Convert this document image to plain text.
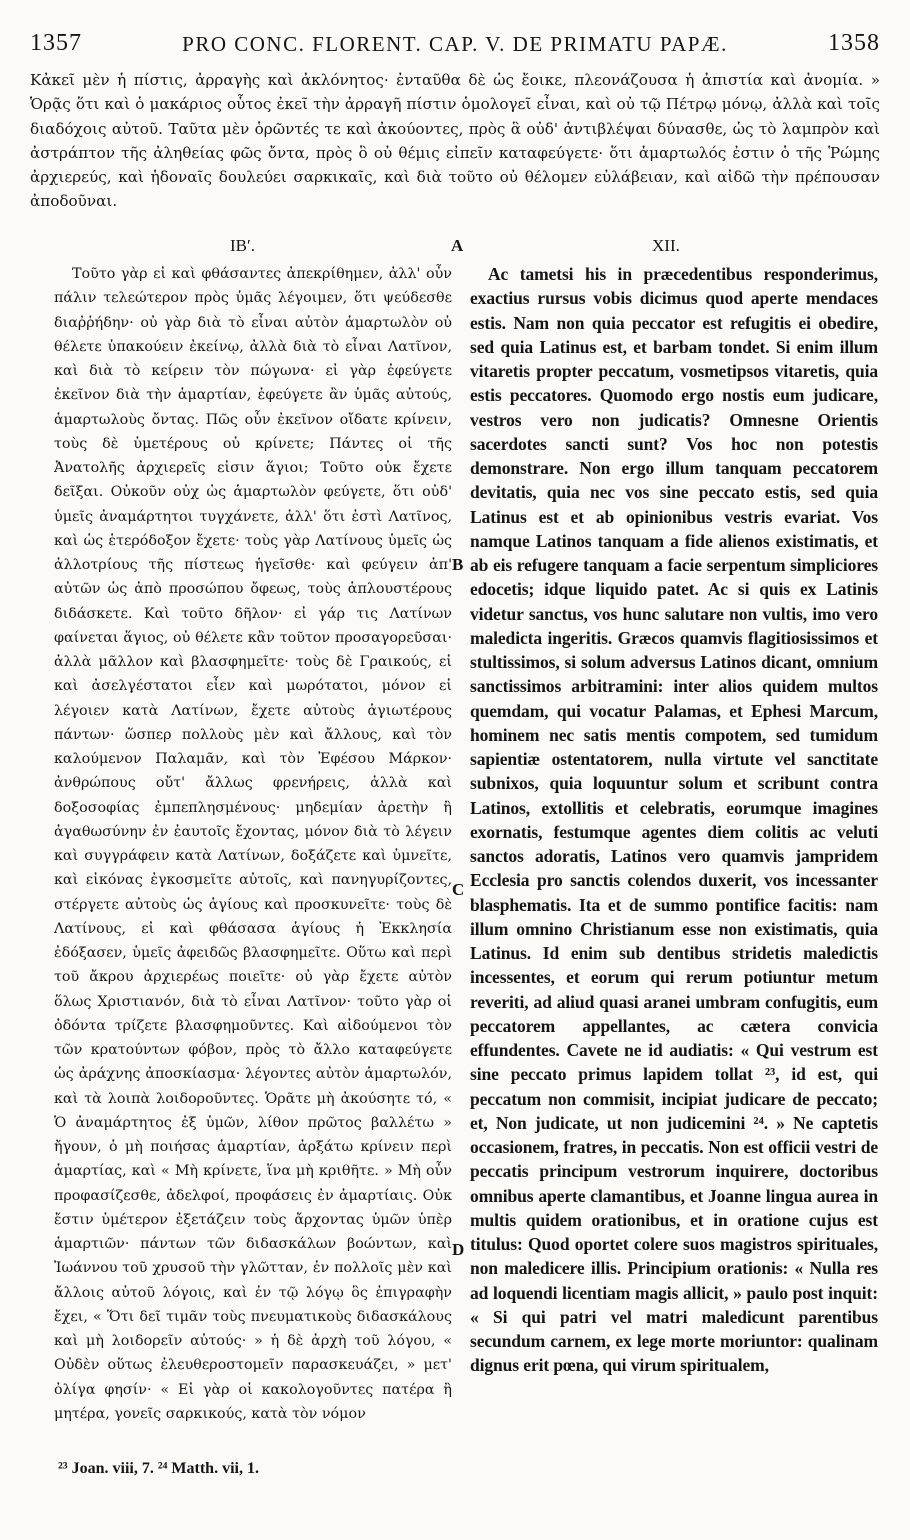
1357	PRO CONC. FLORENT. CAP. V. DE PRIMATU PAPÆ.	1358
Κἀκεῖ μὲν ἡ πίστις, ἀρραγὴς καὶ ἀκλόνητος· ἐνταῦθα δὲ ὡς ἔοικε, πλεονάζουσα ἡ ἀπιστία καὶ ἀνομία. » Ὁρᾷς ὅτι καὶ ὁ μακάριος οὗτος ἐκεῖ τὴν ἀρραγῆ πίστιν ὁμολογεῖ εἶναι, καὶ οὐ τῷ Πέτρῳ μόνῳ, ἀλλὰ καὶ τοῖς διαδόχοις αὐτοῦ. Ταῦτα μὲν ὁρῶντές τε καὶ ἀκούοντες, πρὸς ἃ οὐδ' ἀντιβλέψαι δύνασθε, ὡς τὸ λαμπρὸν καὶ ἀστράπτον τῆς ἀληθείας φῶς ὄντα, πρὸς ὃ οὐ θέμις εἰπεῖν καταφεύγετε· ὅτι ἁμαρτωλός ἐστιν ὁ τῆς Ῥώμης ἀρχιερεύς, καὶ ἡδοναῖς δουλεύει σαρκικαῖς, καὶ διὰ τοῦτο οὐ θέλομεν εὐλάβειαν, καὶ αἰδῶ τὴν πρέπουσαν ἀποδοῦναι.
ΙΒʹ.	A	XII.

Τοῦτο γὰρ εἰ καὶ φθάσαντες ἀπεκρίθημεν, ἀλλ' οὖν πάλιν τελεώτερον πρὸς ὑμᾶς λέγοιμεν, ὅτι ψεύδεσθε διαῤῥήδην· οὐ γὰρ διὰ τὸ εἶναι αὐτὸν ἁμαρτωλὸν οὐ θέλετε ὑπακούειν ἐκείνῳ, ἀλλὰ διὰ τὸ εἶναι Λατῖνον, καὶ διὰ τὸ κείρειν τὸν πώγωνα· εἰ γὰρ ἐφεύγετε ἐκεῖνον διὰ τὴν ἁμαρτίαν, ἐφεύγετε ἂν ὑμᾶς αὐτούς, ἁμαρτωλοὺς ὄντας. Πῶς οὖν ἐκεῖνον οἴδατε κρίνειν, τοὺς δὲ ὑμετέρους οὐ κρίνετε; Πάντες οἱ τῆς Ἀνατολῆς ἀρχιερεῖς εἰσιν ἅγιοι; Τοῦτο οὐκ ἔχετε δεῖξαι. Οὐκοῦν οὐχ ὡς ἁμαρτωλὸν φεύγετε, ὅτι οὐδ' ὑμεῖς ἀναμάρτητοι τυγχάνετε, ἀλλ' ὅτι ἐστὶ Λατῖνος, καὶ ὡς ἑτερόδοξον ἔχετε· τοὺς γὰρ Λατίνους ὑμεῖς ὡς ἀλλοτρίους τῆς πίστεως ἡγεῖσθε· καὶ φεύγειν ἀπ' αὐτῶν ὡς ἀπὸ προσώπου ὄφεως, τοὺς ἁπλουστέρους διδάσκετε. Καὶ τοῦτο δῆλον· εἰ γάρ τις Λατίνων φαίνεται ἅγιος, οὐ θέλετε κἂν τοῦτον προσαγορεῦσαι· ἀλλὰ μᾶλλον καὶ βλασφημεῖτε· τοὺς δὲ Γραικούς, εἰ καὶ ἀσελγέστατοι εἶεν καὶ μωρότατοι, μόνον εἰ λέγοιεν κατὰ Λατίνων, ἔχετε αὐτοὺς ἁγιωτέρους πάντων· ὥσπερ πολλοὺς μὲν καὶ ἄλλους, καὶ τὸν καλούμενον Παλαμᾶν, καὶ τὸν Ἐφέσου Μάρκον· ἀνθρώπους οὔτ' ἄλλως φρενήρεις, ἀλλὰ καὶ δοξοσοφίας ἐμπεπλησμένους· μηδεμίαν ἀρετὴν ἢ ἀγαθωσύνην ἐν ἑαυτοῖς ἔχοντας, μόνον διὰ τὸ λέγειν καὶ συγγράφειν κατὰ Λατίνων, δοξάζετε καὶ ὑμνεῖτε, καὶ εἰκόνας ἐγκοσμεῖτε αὐτοῖς, καὶ πανηγυρίζοντες, στέργετε αὐτοὺς ὡς ἁγίους καὶ προσκυνεῖτε· τοὺς δὲ Λατίνους, εἰ καὶ φθάσασα ἁγίους ἡ Ἐκκλησία ἐδόξασεν, ὑμεῖς ἀφειδῶς βλασφημεῖτε. Οὕτω καὶ περὶ τοῦ ἄκρου ἀρχιερέως ποιεῖτε· οὐ γὰρ ἔχετε αὐτὸν ὅλως Χριστιανόν, διὰ τὸ εἶναι Λατῖνον· τοῦτο γὰρ οἱ ὀδόντα τρίζετε βλασφημοῦντες. Καὶ αἰδούμενοι τὸν τῶν κρατούντων φόβον, πρὸς τὸ ἄλλο καταφεύγετε ὡς ἀράχνης ἀποσκίασμα· λέγοντες αὐτὸν ἁμαρτωλόν, καὶ τὰ λοιπὰ λοιδοροῦντες. Ὁρᾶτε μὴ ἀκούσητε τό, « Ὁ ἀναμάρτητος ἐξ ὑμῶν, λίθον πρῶτος βαλλέτω » ἤγουν, ὁ μὴ ποιήσας ἁμαρτίαν, ἀρξάτω κρίνειν περὶ ἁμαρτίας, καὶ « Μὴ κρίνετε, ἵνα μὴ κριθῆτε. » Μὴ οὖν προφασίζεσθε, ἀδελφοί, προφάσεις ἐν ἁμαρτίαις. Οὐκ ἔστιν ὑμέτερον ἐξετάζειν τοὺς ἄρχοντας ὑμῶν ὑπὲρ ἁμαρτιῶν· πάντων τῶν διδασκάλων βοώντων, καὶ Ἰωάννου τοῦ χρυσοῦ τὴν γλῶτταν, ἐν πολλοῖς μὲν καὶ ἄλλοις αὐτοῦ λόγοις, καὶ ἐν τῷ λόγῳ ὃς ἐπιγραφὴν ἔχει, « Ὅτι δεῖ τιμᾶν τοὺς πνευματικοὺς διδασκάλους καὶ μὴ λοιδορεῖν αὐτούς· » ἡ δὲ ἀρχὴ τοῦ λόγου, « Οὐδὲν οὕτως ἐλευθεροστομεῖν παρασκευάζει, » μετ' ὀλίγα φησίν· « Εἰ γὰρ οἱ κακολογοῦντες πατέρα ἢ μητέρα, γονεῖς σαρκικούς, κατὰ τὸν νόμον

Ac tametsi his in præcedentibus responderimus, exactius rursus vobis dicimus quod aperte mendaces estis. Nam non quia peccator est refugitis ei obedire, sed quia Latinus est, et barbam tondet. Si enim illum vitaretis propter peccatum, vosmetipsos vitaretis, quia estis peccatores. Quomodo ergo nostis eum judicare, vestros vero non judicatis? Omnesne Orientis sacerdotes sancti sunt? Vos hoc non potestis demonstrare. Non ergo illum tanquam peccatorem devitatis, quia nec vos sine peccato estis, sed quia Latinus est et ab opinionibus vestris evariat. Vos namque Latinos tanquam a fide alienos existimatis, et ab eis refugere tanquam a facie serpentum simpliciores edocetis; idque liquido patet. Ac si quis ex Latinis videtur sanctus, vos hunc salutare non vultis, imo vero maledicta ingeritis. Græcos quamvis flagitiosissimos et stultissimos, si solum adversus Latinos dicant, omnium sanctissimos arbitramini: inter alios quidem multos quemdam, qui vocatur Palamas, et Ephesi Marcum, hominem nec satis mentis compotem, sed tumidum sapientiæ ostentatorem, nulla virtute vel sanctitate subnixos, quia loquuntur solum et scribunt contra Latinos, extollitis et celebratis, eorumque imagines exornatis, festumque agentes diem colitis ac veluti sanctos adoratis, Latinos vero quamvis jampridem Ecclesia pro sanctis colendos duxerit, vos incessanter blasphematis. Ita et de summo pontifice facitis: nam illum omnino Christianum esse non existimatis, quia Latinus. Id enim sub dentibus stridetis maledictis incessentes, et eorum qui rerum potiuntur metum reveriti, ad aliud quasi aranei umbram confugitis, eum peccatorem appellantes, ac cætera convicia effundentes. Cavete ne id audiatis: « Qui vestrum est sine peccato primus lapidem tollat ²³, id est, qui peccatum non commisit, incipiat judicare de peccato; et, Non judicate, ut non judicemini ²⁴. » Ne captetis occasionem, fratres, in peccatis. Non est officii vestri de peccatis principum vestrorum inquirere, doctoribus omnibus aperte clamantibus, et Joanne lingua aurea in multis quidem orationibus, et in oratione cujus est titulus: Quod oportet colere suos magistros spirituales, non maledicere illis. Principium orationis: « Nulla res ad loquendi licentiam magis allicit, » paulo post inquit: « Si qui patri vel matri maledicunt parentibus secundum carnem, ex lege morte moriuntor: qualinam dignus erit pœna, qui virum spiritualem,

B
C
D
²³ Joan. viii, 7. ²⁴ Matth. vii, 1.
